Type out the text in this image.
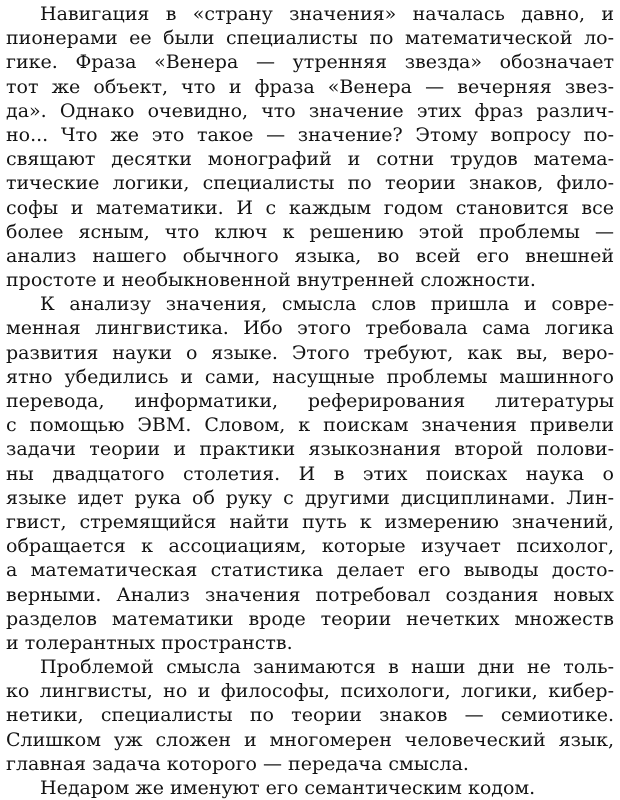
Навигация в «страну значения» началась давно, и
пионерами ее были специалисты по математической ло-
гике. Фраза «Венера — утренняя звезда» обозначает
тот же объект, что и фраза «Венера — вечерняя звез-
да». Однако очевидно, что значение этих фраз различ-
но... Что же это такое — значение? Этому вопросу по-
свящают десятки монографий и сотни трудов матема-
тические логики, специалисты по теории знаков, фило-
софы и математики. И с каждым годом становится все
более ясным, что ключ к решению этой проблемы —
анализ нашего обычного языка, во всей его внешней
простоте и необыкновенной внутренней сложности.
К анализу значения, смысла слов пришла и совре-
менная лингвистика. Ибо этого требовала сама логика
развития науки о языке. Этого требуют, как вы, веро-
ятно убедились и сами, насущные проблемы машинного
перевода, информатики, реферирования литературы
с помощью ЭВМ. Словом, к поискам значения привели
задачи теории и практики языкознания второй полови-
ны двадцатого столетия. И в этих поисках наука о
языке идет рука об руку с другими дисциплинами. Лин-
гвист, стремящийся найти путь к измерению значений,
обращается к ассоциациям, которые изучает психолог,
а математическая статистика делает его выводы досто-
верными. Анализ значения потребовал создания новых
разделов математики вроде теории нечетких множеств
и толерантных пространств.
Проблемой смысла занимаются в наши дни не толь-
ко лингвисты, но и философы, психологи, логики, кибер-
нетики, специалисты по теории знаков — семиотике.
Слишком уж сложен и многомерен человеческий язык,
главная задача которого — передача смысла.
Недаром же именуют его семантическим кодом.
